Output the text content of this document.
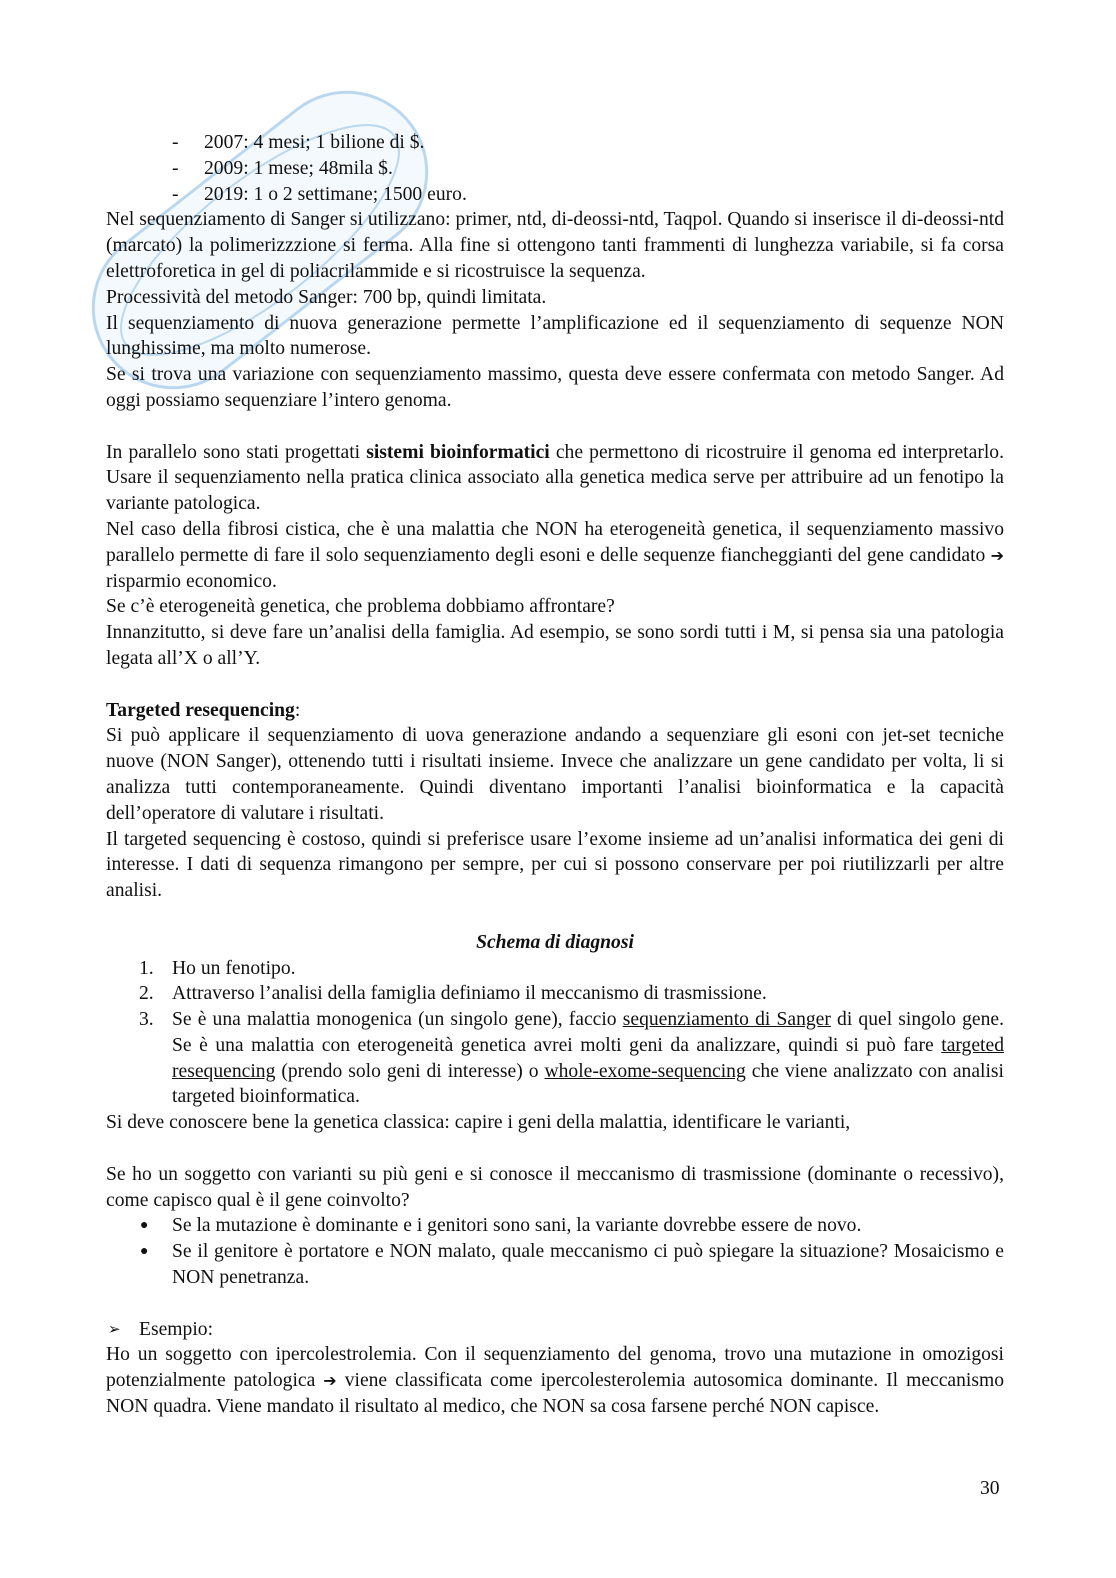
- 2007: 4 mesi; 1 bilione di $.
- 2009: 1 mese; 48mila $.
- 2019: 1 o 2 settimane; 1500 euro.

Nel sequenziamento di Sanger si utilizzano: primer, ntd, di-deossi-ntd, Taqpol. Quando si inserisce il di-deossi-ntd (marcato) la polimerizzzione si ferma. Alla fine si ottengono tanti frammenti di lunghezza variabile, si fa corsa elettroforetica in gel di poliacrilammide e si ricostruisce la sequenza.

Processività del metodo Sanger: 700 bp, quindi limitata.

Il sequenziamento di nuova generazione permette l’amplificazione ed il sequenziamento di sequenze NON lunghissime, ma molto numerose.

Se si trova una variazione con sequenziamento massimo, questa deve essere confermata con metodo Sanger. Ad oggi possiamo sequenziare l’intero genoma.

In parallelo sono stati progettati sistemi bioinformatici che permettono di ricostruire il genoma ed interpretarlo. Usare il sequenziamento nella pratica clinica associato alla genetica medica serve per attribuire ad un fenotipo la variante patologica.

Nel caso della fibrosi cistica, che è una malattia che NON ha eterogeneità genetica, il sequenziamento massivo parallelo permette di fare il solo sequenziamento degli esoni e delle sequenze fiancheggianti del gene candidato ➔ risparmio economico.

Se c’è eterogeneità genetica, che problema dobbiamo affrontare?

Innanzitutto, si deve fare un’analisi della famiglia. Ad esempio, se sono sordi tutti i M, si pensa sia una patologia legata all’X o all’Y.

Targeted resequencing:

Si può applicare il sequenziamento di uova generazione andando a sequenziare gli esoni con jet-set tecniche nuove (NON Sanger), ottenendo tutti i risultati insieme. Invece che analizzare un gene candidato per volta, li si analizza tutti contemporaneamente. Quindi diventano importanti l’analisi bioinformatica e la capacità dell’operatore di valutare i risultati.

Il targeted sequencing è costoso, quindi si preferisce usare l’exome insieme ad un’analisi informatica dei geni di interesse. I dati di sequenza rimangono per sempre, per cui si possono conservare per poi riutilizzarli per altre analisi.

Schema di diagnosi

1. Ho un fenotipo.
2. Attraverso l’analisi della famiglia definiamo il meccanismo di trasmissione.
3. Se è una malattia monogenica (un singolo gene), faccio sequenziamento di Sanger di quel singolo gene. Se è una malattia con eterogeneità genetica avrei molti geni da analizzare, quindi si può fare targeted resequencing (prendo solo geni di interesse) o whole-exome-sequencing che viene analizzato con analisi targeted bioinformatica.

Si deve conoscere bene la genetica classica: capire i geni della malattia, identificare le varianti,

Se ho un soggetto con varianti su più geni e si conosce il meccanismo di trasmissione (dominante o recessivo), come capisco qual è il gene coinvolto?

● Se la mutazione è dominante e i genitori sono sani, la variante dovrebbe essere de novo.
● Se il genitore è portatore e NON malato, quale meccanismo ci può spiegare la situazione? Mosaicismo e NON penetranza.

➢ Esempio:

Ho un soggetto con ipercolestrolemia. Con il sequenziamento del genoma, trovo una mutazione in omozigosi potenzialmente patologica ➔ viene classificata come ipercolesterolemia autosomica dominante. Il meccanismo NON quadra. Viene mandato il risultato al medico, che NON sa cosa farsene perché NON capisce.

30
